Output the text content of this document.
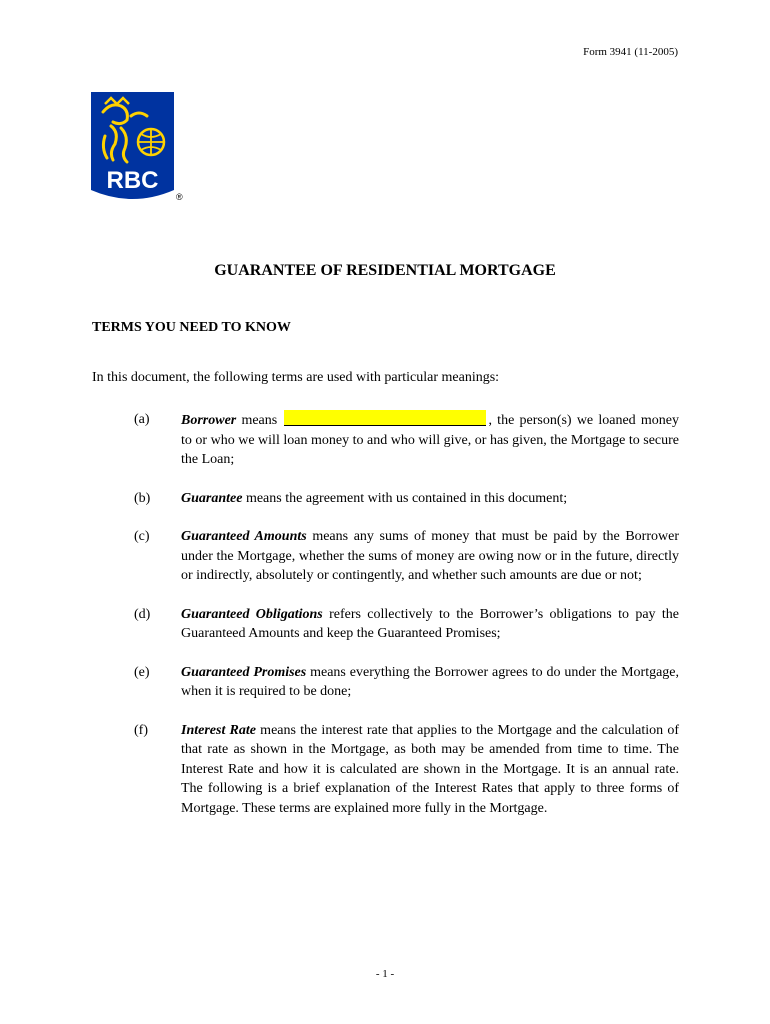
Form 3941 (11-2005)
RBC
®
GUARANTEE OF RESIDENTIAL MORTGAGE
TERMS YOU NEED TO KNOW
In this document, the following terms are used with particular meanings:
(a)	Borrower means	, the person(s) we loaned money to or who we will loan money to and who will give, or has given, the Mortgage to secure the Loan;
(b)	Guarantee means the agreement with us contained in this document;
(c)	Guaranteed Amounts means any sums of money that must be paid by the Borrower under the Mortgage, whether the sums of money are owing now or in the future, directly or indirectly, absolutely or contingently, and whether such amounts are due or not;
(d)	Guaranteed Obligations refers collectively to the Borrower’s obligations to pay the Guaranteed Amounts and keep the Guaranteed Promises;
(e)	Guaranteed Promises means everything the Borrower agrees to do under the Mortgage, when it is required to be done;
(f)	Interest Rate means the interest rate that applies to the Mortgage and the calculation of that rate as shown in the Mortgage, as both may be amended from time to time. The Interest Rate and how it is calculated are shown in the Mortgage. It is an annual rate. The following is a brief explanation of the Interest Rates that apply to three forms of Mortgage. These terms are explained more fully in the Mortgage.
- 1 -
